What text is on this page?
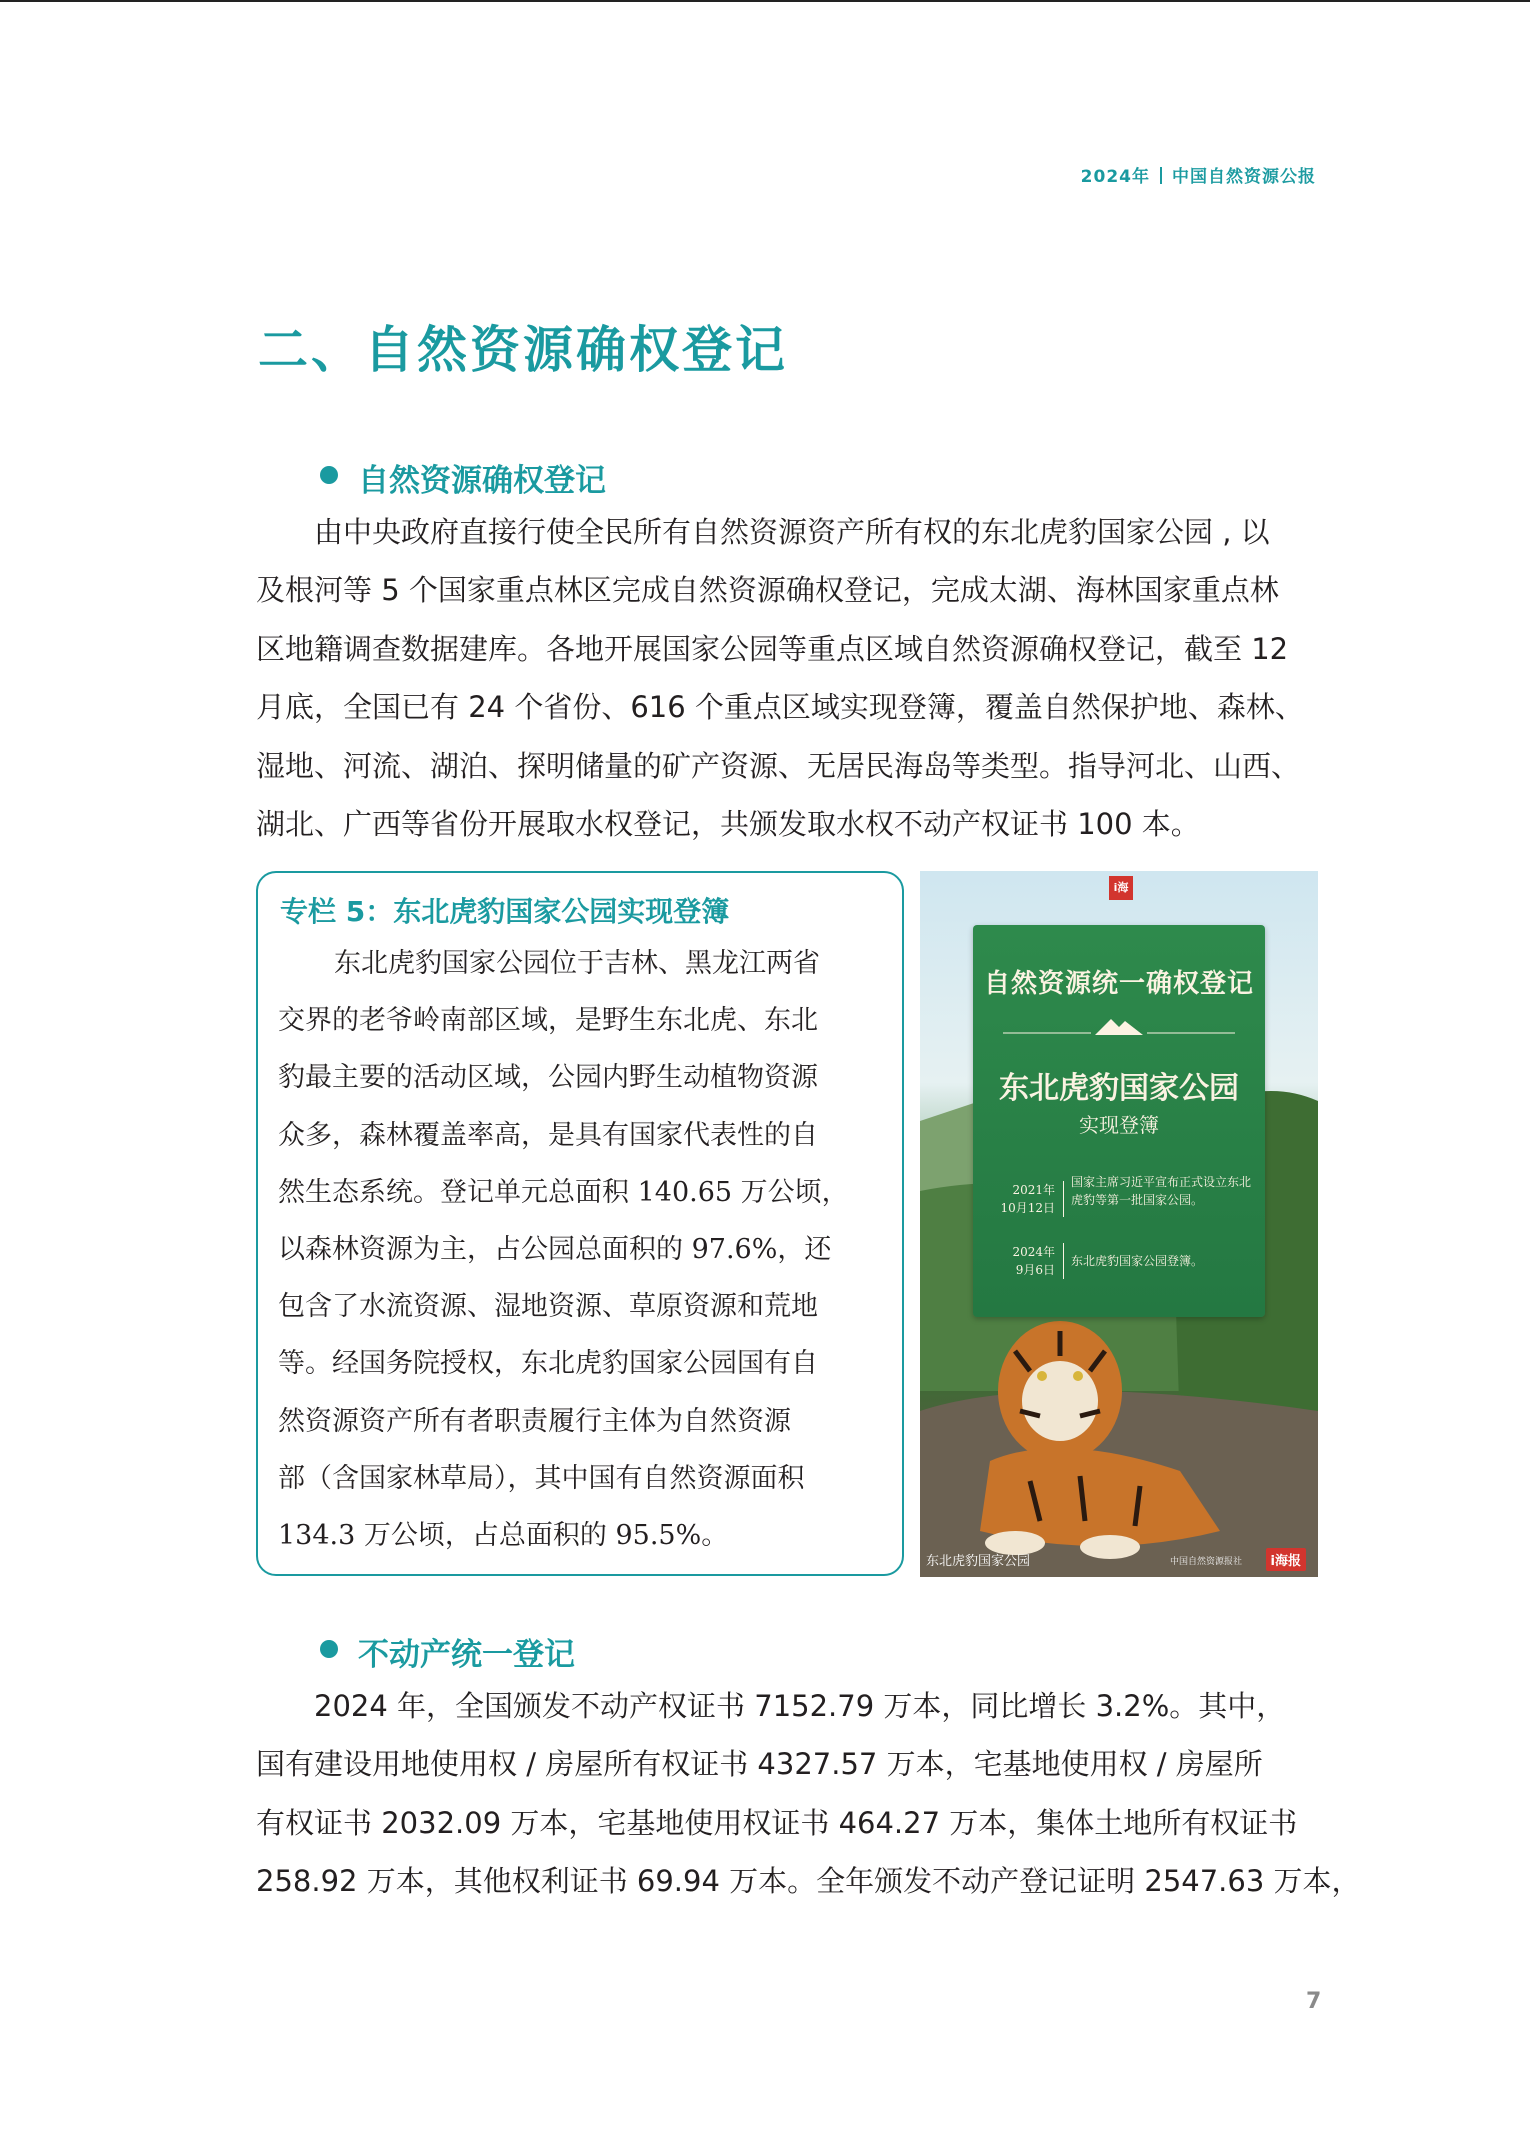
2024年 中国自然资源公报
二、自然资源确权登记
自然资源确权登记
由中央政府直接行使全民所有自然资源资产所有权的东北虎豹国家公园 , 以
及根河等 5 个国家重点林区完成自然资源确权登记，完成太湖、海林国家重点林
区地籍调查数据建库。各地开展国家公园等重点区域自然资源确权登记，截至 12
月底，全国已有 24 个省份、616 个重点区域实现登簿，覆盖自然保护地、森林、
湿地、河流、湖泊、探明储量的矿产资源、无居民海岛等类型。指导河北、山西、
湖北、广西等省份开展取水权登记，共颁发取水权不动产权证书 100 本。
专栏 5：东北虎豹国家公园实现登簿
东北虎豹国家公园位于吉林、黑龙江两省
交界的老爷岭南部区域，是野生东北虎、东北
豹最主要的活动区域，公园内野生动植物资源
众多，森林覆盖率高，是具有国家代表性的自
然生态系统。登记单元总面积 140.65 万公顷，
以森林资源为主，占公园总面积的 97.6%，还
包含了水流资源、湿地资源、草原资源和荒地
等。经国务院授权，东北虎豹国家公园国有自
然资源资产所有者职责履行主体为自然资源
部（含国家林草局），其中国有自然资源面积
134.3 万公顷，占总面积的 95.5%。
i海
自然资源统一确权登记
东北虎豹国家公园
实现登簿
2021年
10月12日
国家主席习近平宣布正式设立东北虎豹等第一批国家公园。
2024年
9月6日
东北虎豹国家公园登簿。
东北虎豹国家公园	中国自然资源报社	i海报
不动产统一登记
2024 年，全国颁发不动产权证书 7152.79 万本，同比增长 3.2%。其中，
国有建设用地使用权 / 房屋所有权证书 4327.57 万本，宅基地使用权 / 房屋所
有权证书 2032.09 万本，宅基地使用权证书 464.27 万本，集体土地所有权证书
258.92 万本，其他权利证书 69.94 万本。全年颁发不动产登记证明 2547.63 万本，
7
